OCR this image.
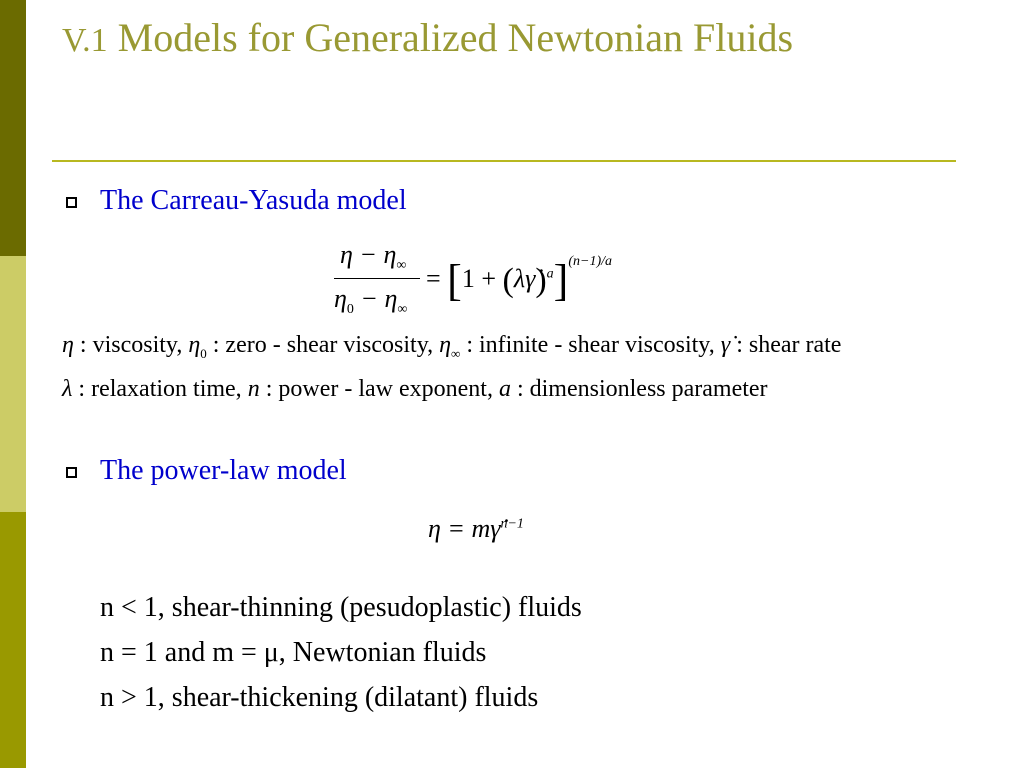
V.1 Models for Generalized Newtonian Fluids
The Carreau-Yasuda model
$\eta - \eta_\infty$
$\eta_0 - \eta_\infty$
= [1 + (λγ̇)$^a$]$^{(n-1)/a}$
η : viscosity, $\eta_0$ : zero - shear viscosity, $\eta_\infty$ : infinite - shear viscosity, γ̇ : shear rate
λ : relaxation time, n : power - law exponent, a : dimensionless parameter
The power-law model
η = mγ̇$^{n-1}$
n < 1, shear-thinning (pesudoplastic) fluids
n = 1 and m = μ, Newtonian fluids
n > 1, shear-thickening (dilatant) fluids
